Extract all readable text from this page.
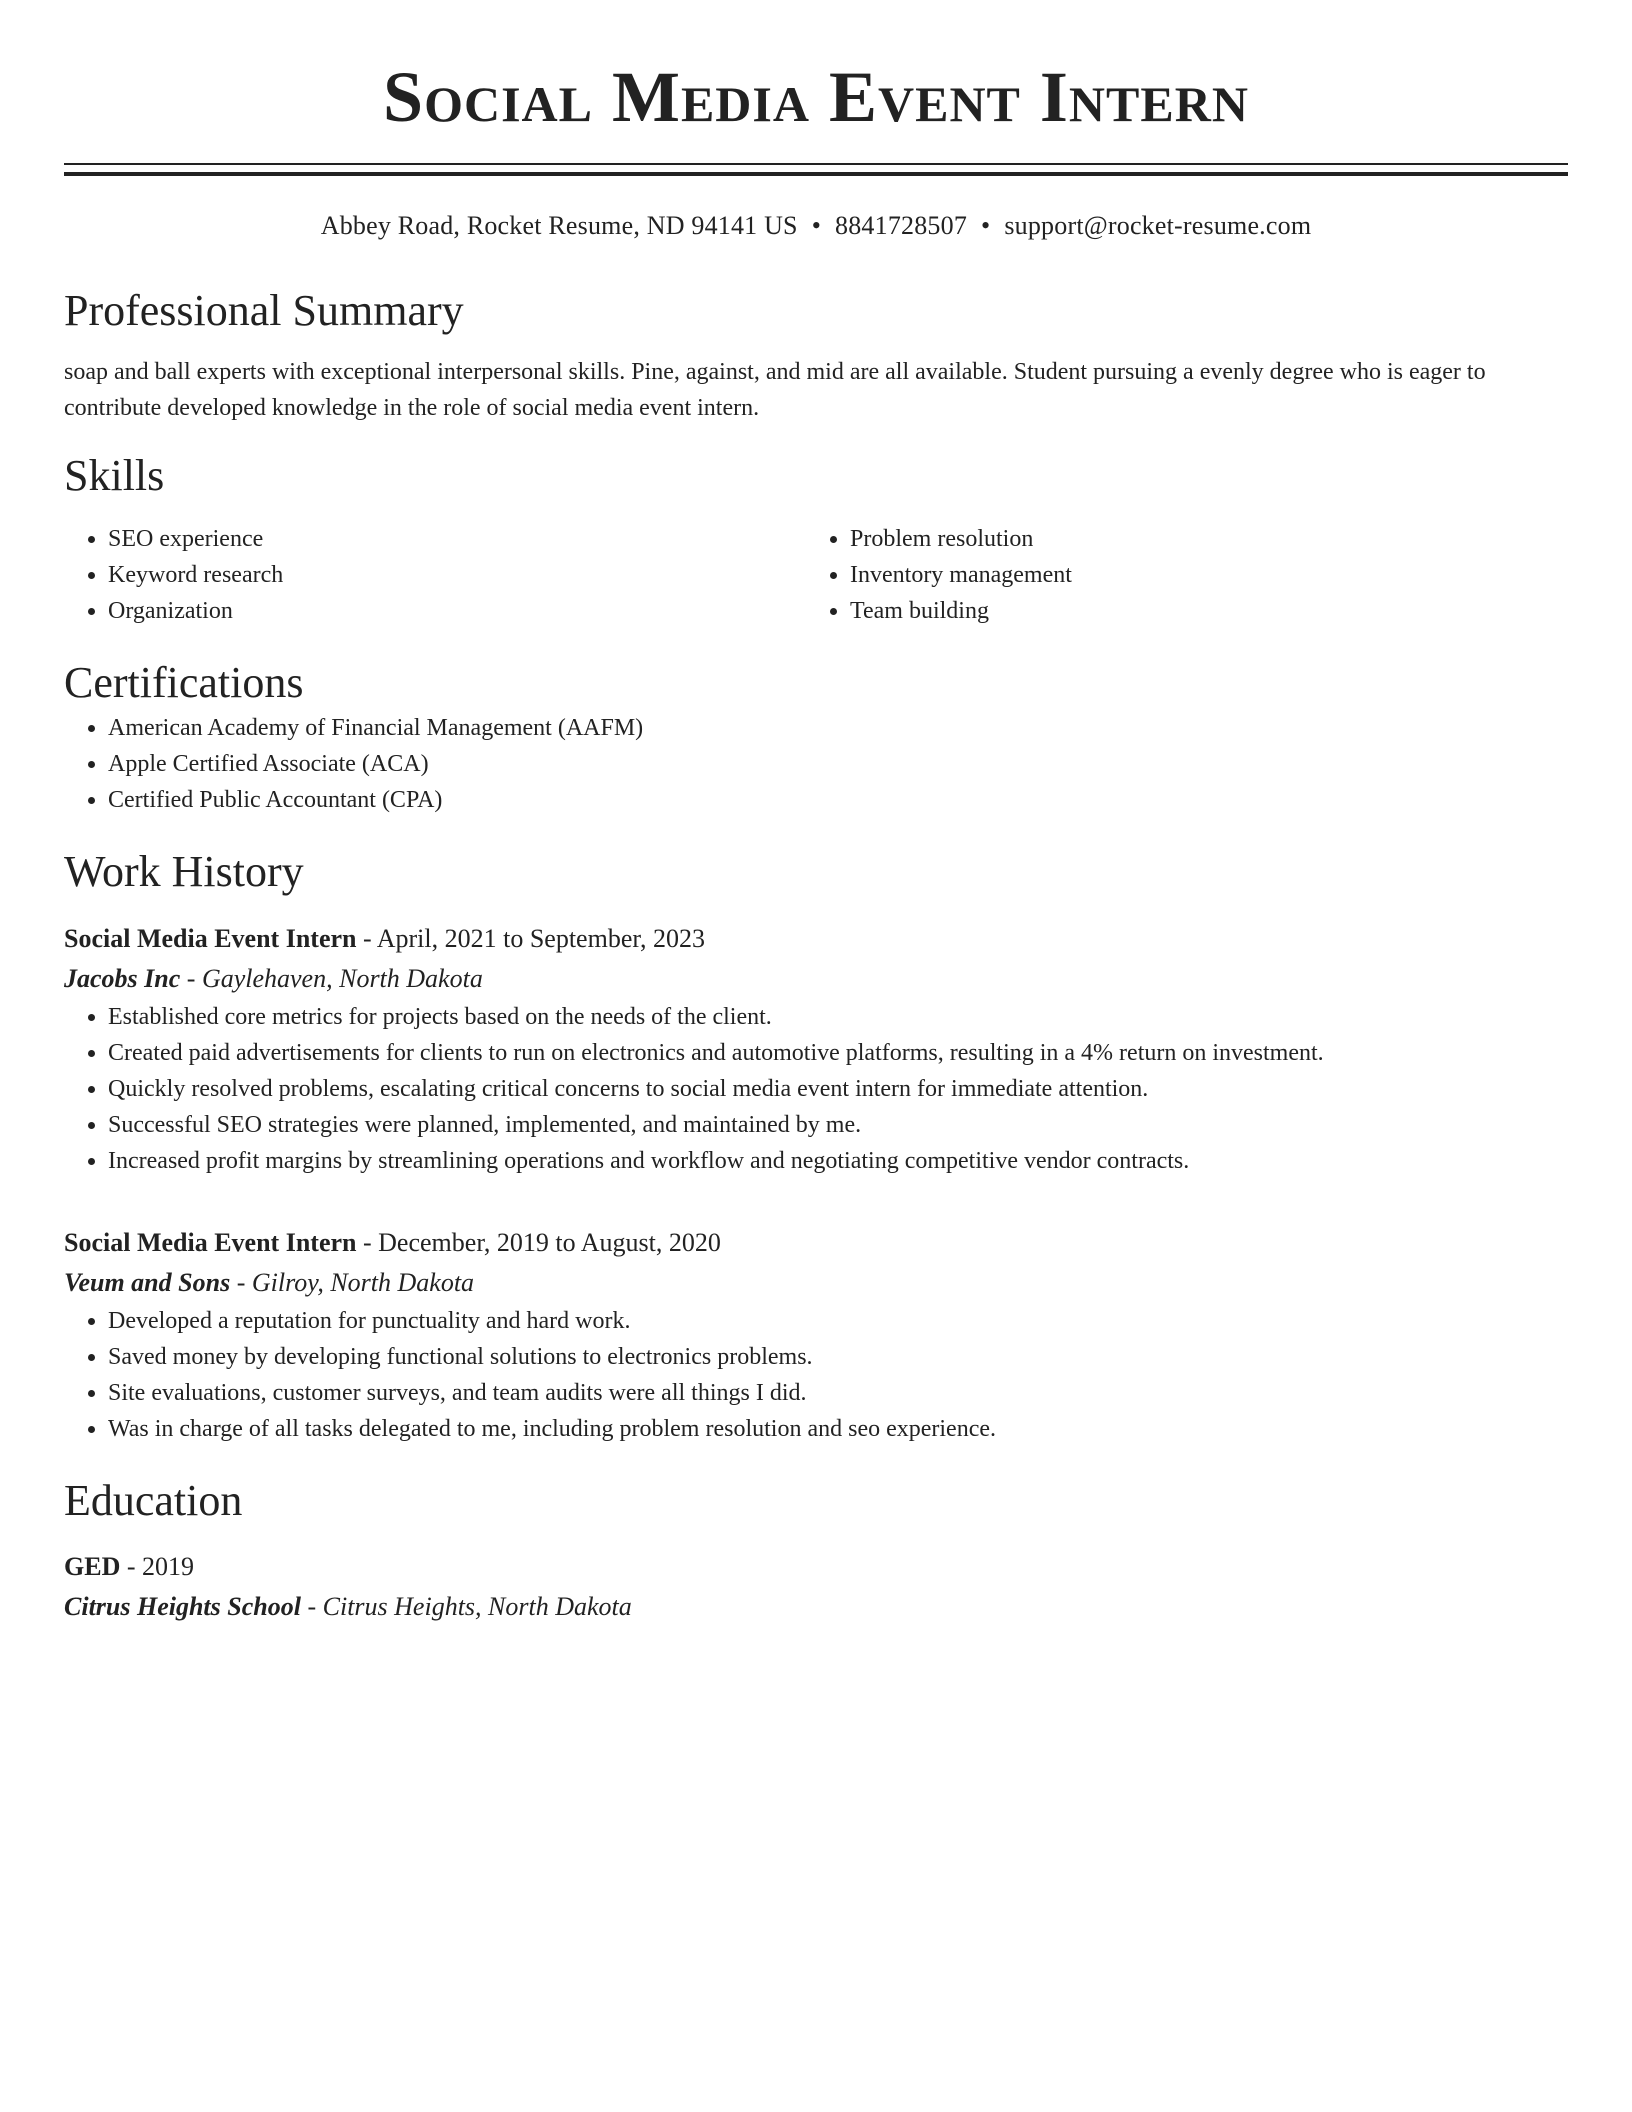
Social Media Event Intern
Abbey Road, Rocket Resume, ND 94141 US • 8841728507 • support@rocket-resume.com
Professional Summary

soap and ball experts with exceptional interpersonal skills. Pine, against, and mid are all available. Student pursuing a evenly degree who is eager to contribute developed knowledge in the role of social media event intern.

Skills
• SEO experience
• Keyword research
• Organization
• Problem resolution
• Inventory management
• Team building
Certifications
• American Academy of Financial Management (AAFM)
• Apple Certified Associate (ACA)
• Certified Public Accountant (CPA)
Work History
Social Media Event Intern - April, 2021 to September, 2023
Jacobs Inc - Gaylehaven, North Dakota
• Established core metrics for projects based on the needs of the client.
• Created paid advertisements for clients to run on electronics and automotive platforms, resulting in a 4% return on investment.
• Quickly resolved problems, escalating critical concerns to social media event intern for immediate attention.
• Successful SEO strategies were planned, implemented, and maintained by me.
• Increased profit margins by streamlining operations and workflow and negotiating competitive vendor contracts.
Social Media Event Intern - December, 2019 to August, 2020
Veum and Sons - Gilroy, North Dakota
• Developed a reputation for punctuality and hard work.
• Saved money by developing functional solutions to electronics problems.
• Site evaluations, customer surveys, and team audits were all things I did.
• Was in charge of all tasks delegated to me, including problem resolution and seo experience.
Education
GED - 2019
Citrus Heights School - Citrus Heights, North Dakota
